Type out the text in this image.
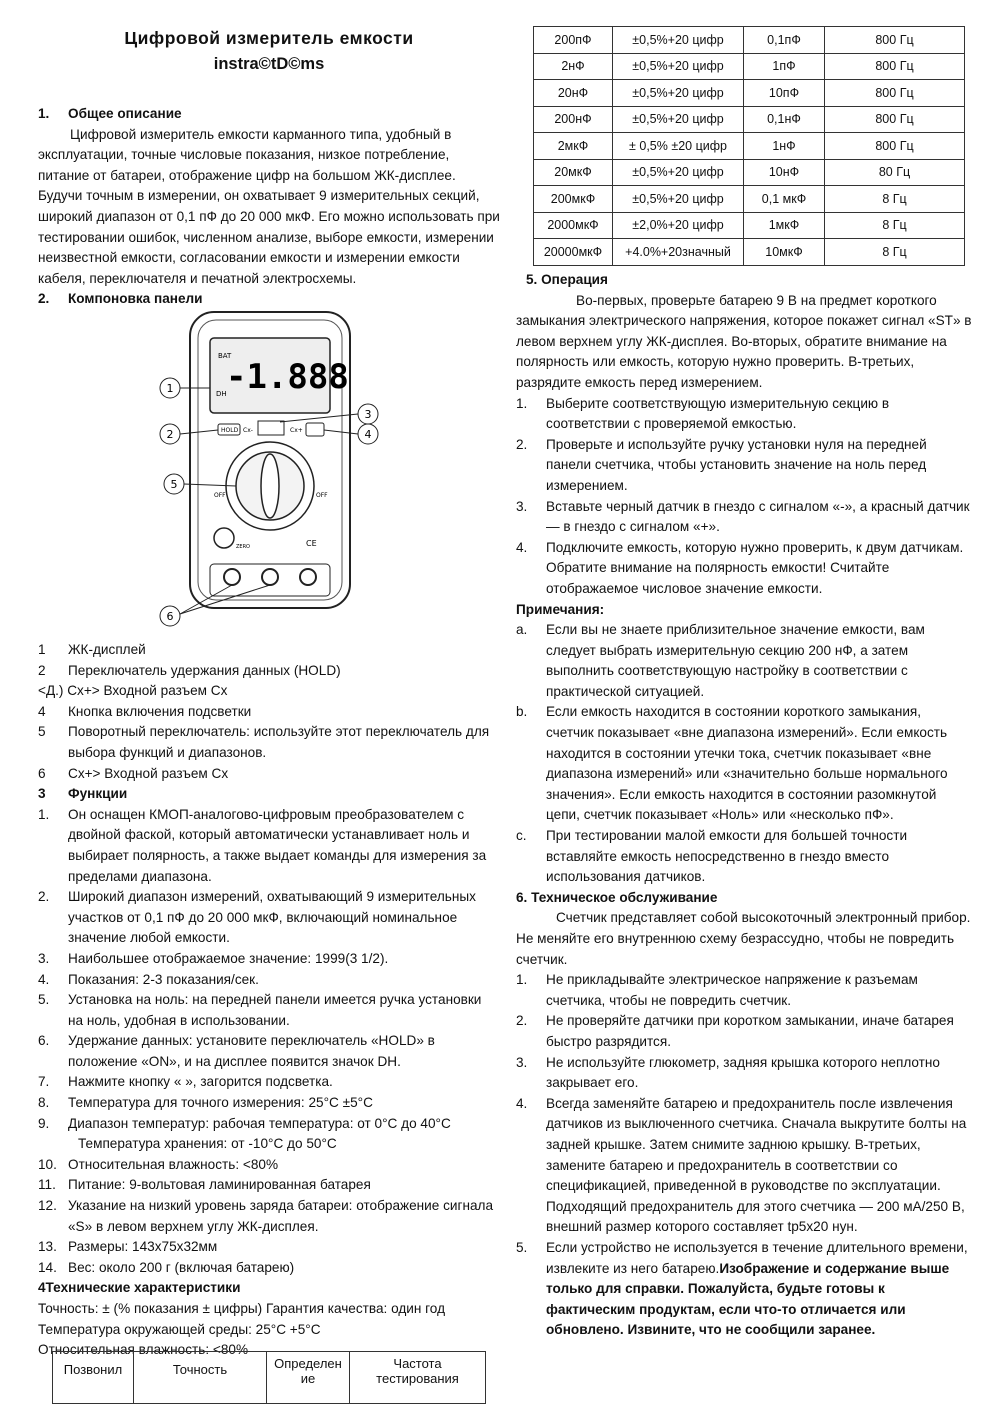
Цифровой измеритель емкости
instra©tD©ms
1.	Общее описание

Цифровой измеритель емкости карманного типа, удобный в эксплуатации, точные числовые показания, низкое потребление, питание от батареи, отображение цифр на большом ЖК-дисплее. Будучи точным в измерении, он охватывает 9 измерительных секций, широкий диапазон от 0,1 пФ до 20 000 мкФ. Его можно использовать при тестировании ошибок, численном анализе, выборе емкости, измерении неизвестной емкости, согласовании емкости и измерении емкости кабеля, переключателя и печатной электросхемы.

2.	Компоновка панели
BAT
DH -1.888
HOLD Cx-	Cx+
OFF	OFF
ZERO	CE
1
2
3
4
5
6
1	ЖК-дисплей
2	Переключатель удержания данных (HOLD)
<Д.) Cx+> Входной разъем Cx
4	Кнопка включения подсветки
5	Поворотный переключатель: используйте этот переключатель для выбора функций и диапазонов.
6	Cx+> Входной разъем Cx
3	Функции
1.	Он оснащен КМОП-аналогово-цифровым преобразователем с двойной фаской, который автоматически устанавливает ноль и выбирает полярность, а также выдает команды для измерения за пределами диапазона.
2.	Широкий диапазон измерений, охватывающий 9 измерительных участков от 0,1 пФ до 20 000 мкФ, включающий номинальное значение любой емкости.
3.	Наибольшее отображаемое значение: 1999(3 1/2).
4.	Показания: 2-3 показания/сек.
5.	Установка на ноль: на передней панели имеется ручка установки на ноль, удобная в использовании.
6.	Удержание данных: установите переключатель «HOLD» в положение «ON», и на дисплее появится значок DH.
7.	Нажмите кнопку « », загорится подсветка.
8.	Температура для точного измерения: 25°C ±5°C
9.	Диапазон температур: рабочая температура: от 0°C до 40°C
Температура хранения: от -10°C до 50°C
10. Относительная влажность: <80%
11. Питание: 9-вольтовая ламинированная батарея
12. Указание на низкий уровень заряда батареи: отображение сигнала «S» в левом верхнем углу ЖК-дисплея.
13. Размеры: 143x75x32мм
14. Вес: около 200 г (включая батарею)

4Технические характеристики

Точность: ± (% показания ± цифры) Гарантия качества: один год

Температура окружающей среды: 25°C +5°C

Относительная влажность: <80%

Позвонил	Точность	Определен ие	Частота тестирования
200пФ	±0,5%+20 цифр	0,1пФ	800 Гц
2нФ	±0,5%+20 цифр	1пФ	800 Гц
20нФ	±0,5%+20 цифр	10пФ	800 Гц
200нФ	±0,5%+20 цифр	0,1нФ	800 Гц
2мкФ	± 0,5% ±20 цифр	1нФ	800 Гц
20мкФ	±0,5%+20 цифр	10нФ	80 Гц
200мкФ	±0,5%+20 цифр	0,1 мкФ	8 Гц
2000мкФ	±2,0%+20 цифр	1мкФ	8 Гц
20000мкФ	+4.0%+20значный	10мкФ	8 Гц

5. Операция

Во-первых, проверьте батарею 9 В на предмет короткого замыкания электрического напряжения, которое покажет сигнал «ST» в левом верхнем углу ЖК-дисплея. Во-вторых, обратите внимание на полярность или емкость, которую нужно проверить. В-третьих, разрядите емкость перед измерением.

1.	Выберите соответствующую измерительную секцию в соответствии с проверяемой емкостью.
2.	Проверьте и используйте ручку установки нуля на передней панели счетчика, чтобы установить значение на ноль перед измерением.
3.	Вставьте черный датчик в гнездо с сигналом «-», а красный датчик — в гнездо с сигналом «+».
4.	Подключите емкость, которую нужно проверить, к двум датчикам. Обратите внимание на полярность емкости! Считайте отображаемое числовое значение емкости.

Примечания:

a.	Если вы не знаете приблизительное значение емкости, вам следует выбрать измерительную секцию 200 нФ, а затем выполнить соответствующую настройку в соответствии с практической ситуацией.
b.	Если емкость находится в состоянии короткого замыкания, счетчик показывает «вне диапазона измерений». Если емкость находится в состоянии утечки тока, счетчик показывает «вне диапазона измерений» или «значительно больше нормального значения». Если емкость находится в состоянии разомкнутой цепи, счетчик показывает «Ноль» или «несколько пФ».
c.	При тестировании малой емкости для большей точности вставляйте емкость непосредственно в гнездо вместо использования датчиков.

6. Техническое обслуживание

Счетчик представляет собой высокоточный электронный прибор. Не меняйте его внутреннюю схему безрассудно, чтобы не повредить счетчик.

1.	Не прикладывайте электрическое напряжение к разъемам счетчика, чтобы не повредить счетчик.
2.	Не проверяйте датчики при коротком замыкании, иначе батарея быстро разрядится.
3.	Не используйте глюкометр, задняя крышка которого неплотно закрывает его.
4.	Всегда заменяйте батарею и предохранитель после извлечения датчиков из выключенного счетчика. Сначала выкрутите болты на задней крышке. Затем снимите заднюю крышку. В-третьих, замените батарею и предохранитель в соответствии со спецификацией, приведенной в руководстве по эксплуатации. Подходящий предохранитель для этого счетчика — 200 мА/250 В, внешний размер которого составляет tp5x20 нун.
5.	Если устройство не используется в течение длительного времени, извлеките из него батарею.Изображение и содержание выше только для справки. Пожалуйста, будьте готовы к фактическим продуктам, если что-то отличается или обновлено. Извините, что не сообщили заранее.
